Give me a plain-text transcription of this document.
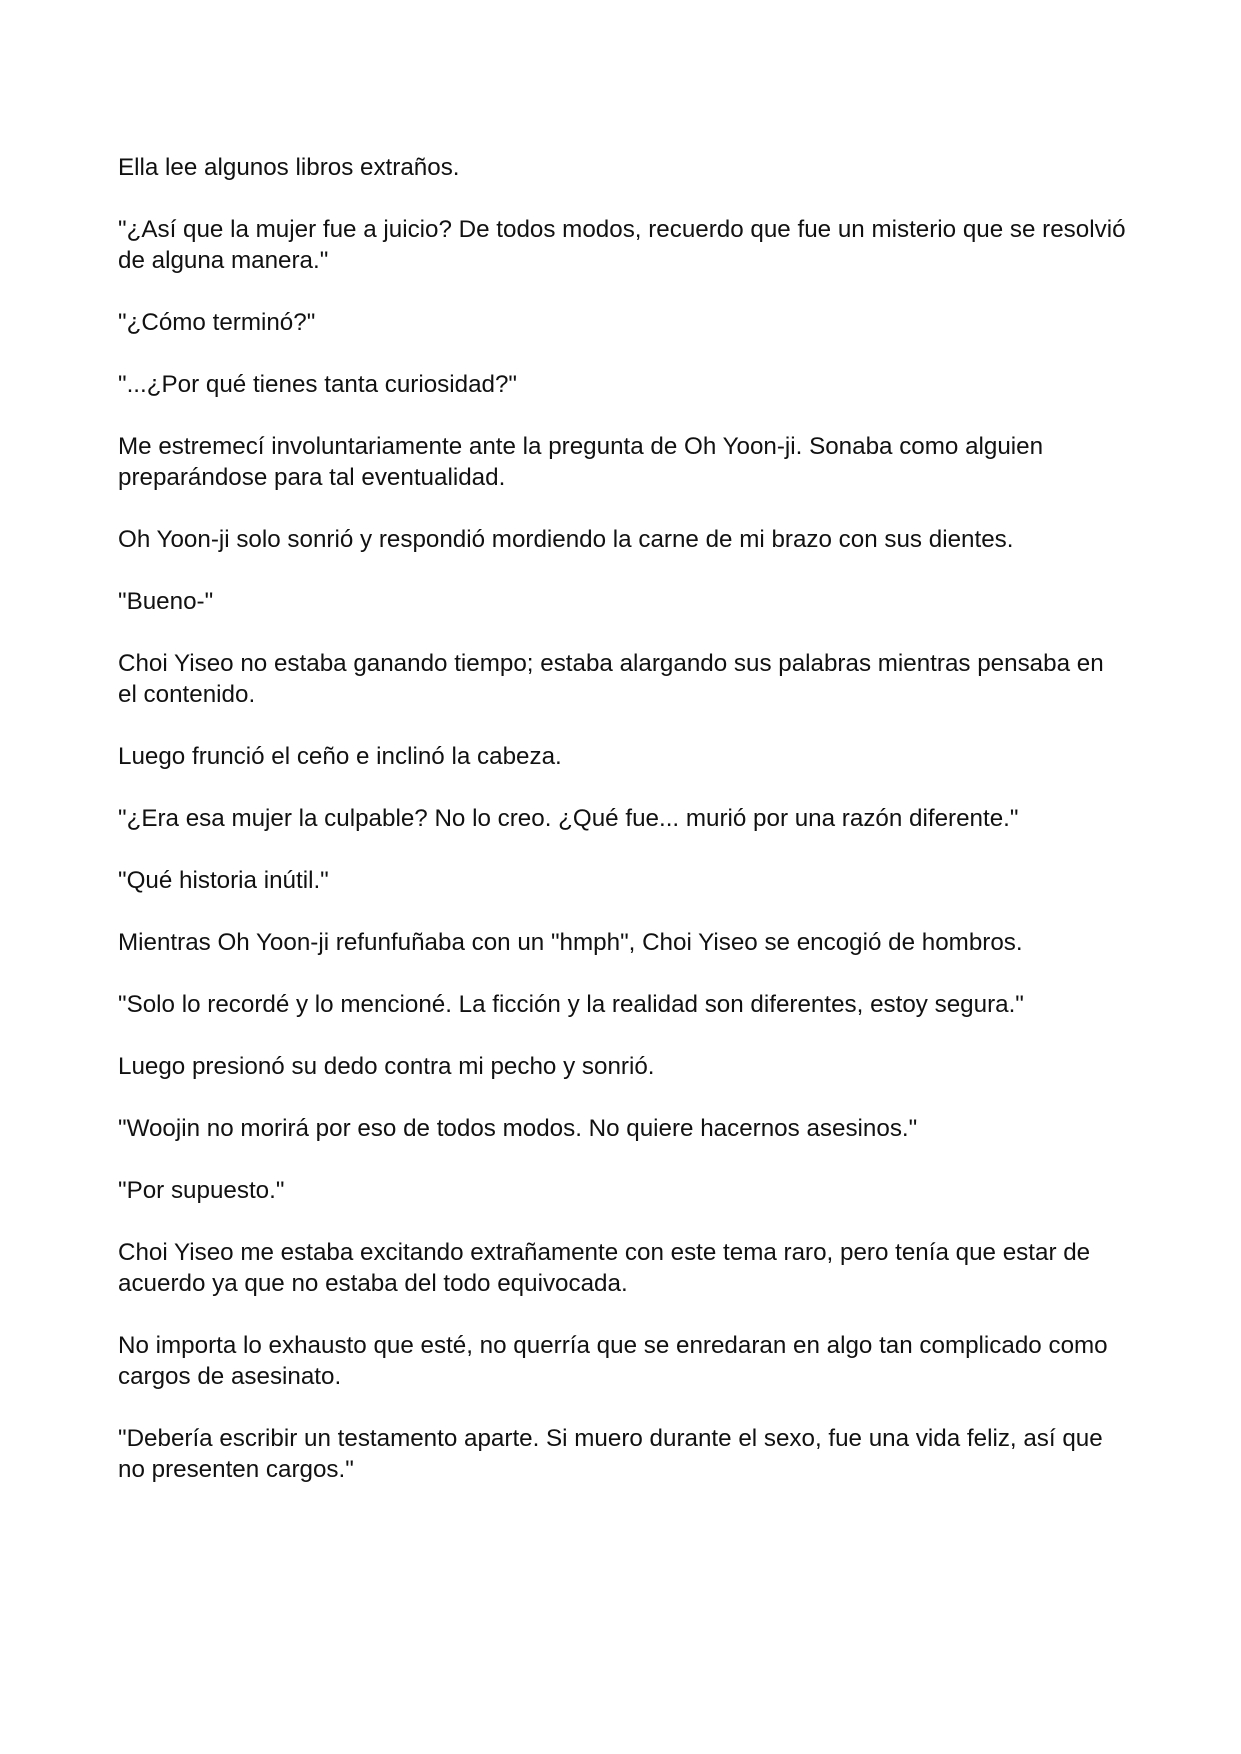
Ella lee algunos libros extraños.

"¿Así que la mujer fue a juicio? De todos modos, recuerdo que fue un misterio que se resolvió de alguna manera."

"¿Cómo terminó?"

"...¿Por qué tienes tanta curiosidad?"

Me estremecí involuntariamente ante la pregunta de Oh Yoon-ji. Sonaba como alguien preparándose para tal eventualidad.

Oh Yoon-ji solo sonrió y respondió mordiendo la carne de mi brazo con sus dientes.

"Bueno-"

Choi Yiseo no estaba ganando tiempo; estaba alargando sus palabras mientras pensaba en el contenido.

Luego frunció el ceño e inclinó la cabeza.

"¿Era esa mujer la culpable? No lo creo. ¿Qué fue... murió por una razón diferente."

"Qué historia inútil."

Mientras Oh Yoon-ji refunfuñaba con un "hmph", Choi Yiseo se encogió de hombros.

"Solo lo recordé y lo mencioné. La ficción y la realidad son diferentes, estoy segura."

Luego presionó su dedo contra mi pecho y sonrió.

"Woojin no morirá por eso de todos modos. No quiere hacernos asesinos."

"Por supuesto."

Choi Yiseo me estaba excitando extrañamente con este tema raro, pero tenía que estar de acuerdo ya que no estaba del todo equivocada.

No importa lo exhausto que esté, no querría que se enredaran en algo tan complicado como cargos de asesinato.

"Debería escribir un testamento aparte. Si muero durante el sexo, fue una vida feliz, así que no presenten cargos."
